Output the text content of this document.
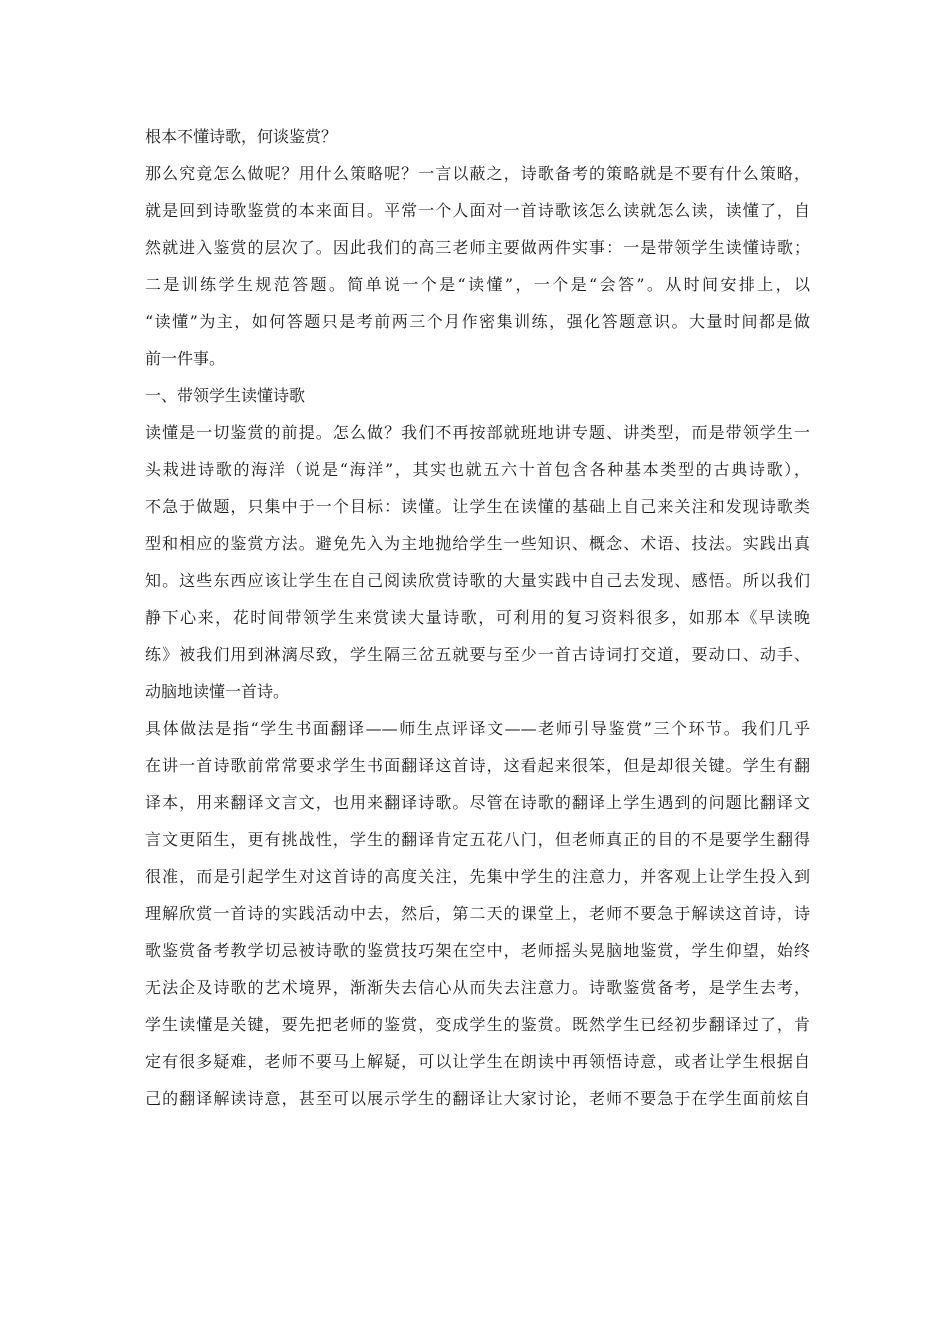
根本不懂诗歌，何谈鉴赏？
那么究竟怎么做呢？用什么策略呢？一言以蔽之，诗歌备考的策略就是不要有什么策略，
就是回到诗歌鉴赏的本来面目。平常一个人面对一首诗歌该怎么读就怎么读，读懂了，自
然就进入鉴赏的层次了。因此我们的高三老师主要做两件实事：一是带领学生读懂诗歌；
二是训练学生规范答题。简单说一个是“读懂”，一个是“会答”。从时间安排上，以
“读懂”为主，如何答题只是考前两三个月作密集训练，强化答题意识。大量时间都是做
前一件事。
一、带领学生读懂诗歌
读懂是一切鉴赏的前提。怎么做？我们不再按部就班地讲专题、讲类型，而是带领学生一
头栽进诗歌的海洋（说是“海洋”，其实也就五六十首包含各种基本类型的古典诗歌），
不急于做题，只集中于一个目标：读懂。让学生在读懂的基础上自己来关注和发现诗歌类
型和相应的鉴赏方法。避免先入为主地抛给学生一些知识、概念、术语、技法。实践出真
知。这些东西应该让学生在自己阅读欣赏诗歌的大量实践中自己去发现、感悟。所以我们
静下心来，花时间带领学生来赏读大量诗歌，可利用的复习资料很多，如那本《早读晚
练》被我们用到淋漓尽致，学生隔三岔五就要与至少一首古诗词打交道，要动口、动手、
动脑地读懂一首诗。
具体做法是指“学生书面翻译——师生点评译文——老师引导鉴赏”三个环节。我们几乎
在讲一首诗歌前常常要求学生书面翻译这首诗，这看起来很笨，但是却很关键。学生有翻
译本，用来翻译文言文，也用来翻译诗歌。尽管在诗歌的翻译上学生遇到的问题比翻译文
言文更陌生，更有挑战性，学生的翻译肯定五花八门，但老师真正的目的不是要学生翻得
很准，而是引起学生对这首诗的高度关注，先集中学生的注意力，并客观上让学生投入到
理解欣赏一首诗的实践活动中去，然后，第二天的课堂上，老师不要急于解读这首诗，诗
歌鉴赏备考教学切忌被诗歌的鉴赏技巧架在空中，老师摇头晃脑地鉴赏，学生仰望，始终
无法企及诗歌的艺术境界，渐渐失去信心从而失去注意力。诗歌鉴赏备考，是学生去考，
学生读懂是关键，要先把老师的鉴赏，变成学生的鉴赏。既然学生已经初步翻译过了，肯
定有很多疑难，老师不要马上解疑，可以让学生在朗读中再领悟诗意，或者让学生根据自
己的翻译解读诗意，甚至可以展示学生的翻译让大家讨论，老师不要急于在学生面前炫自
